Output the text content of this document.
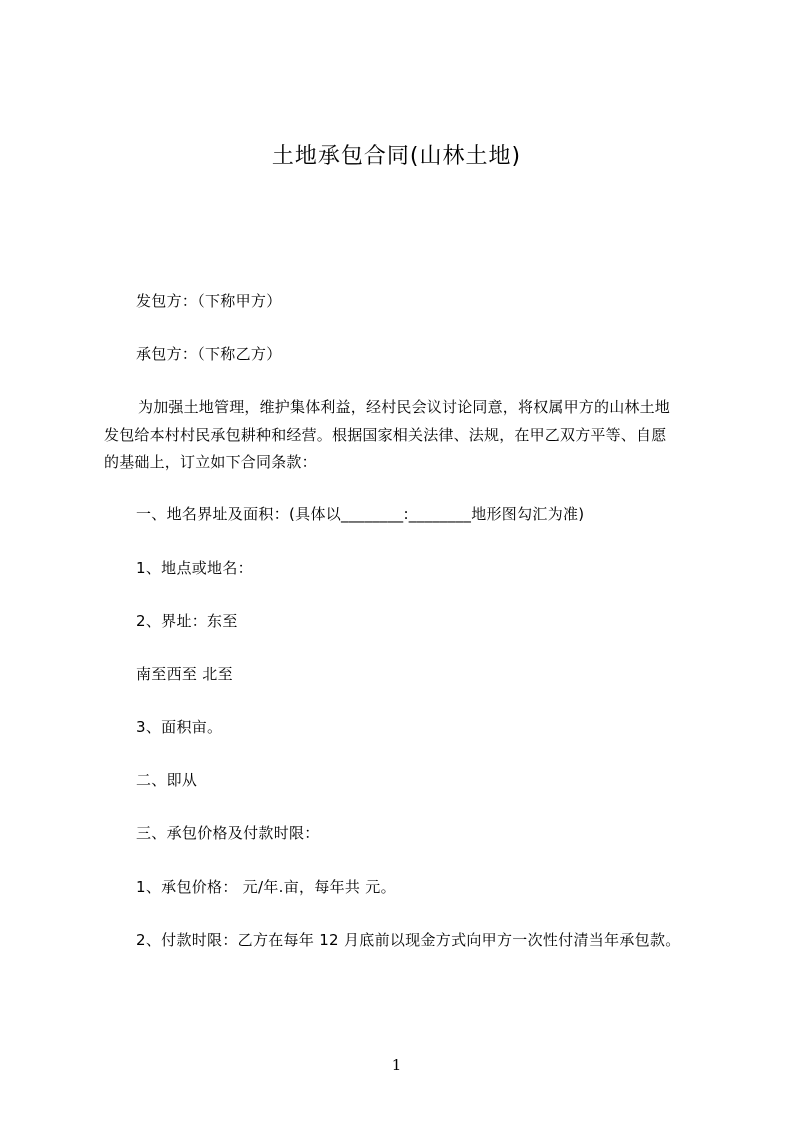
土地承包合同(山林土地)
发包方：（下称甲方）
承包方：（下称乙方）
为加强土地管理，维护集体利益，经村民会议讨论同意，将权属甲方的山林土地
发包给本村村民承包耕种和经营。根据国家相关法律、法规，在甲乙双方平等、自愿
的基础上，订立如下合同条款：
一、地名界址及面积：(具体以________:________地形图勾汇为准)
1、地点或地名：
2、界址：东至
南至西至 北至
3、面积亩。
二、即从
三、承包价格及付款时限：
1、承包价格： 元/年.亩，每年共 元。
2、付款时限：乙方在每年 12 月底前以现金方式向甲方一次性付清当年承包款。
1
